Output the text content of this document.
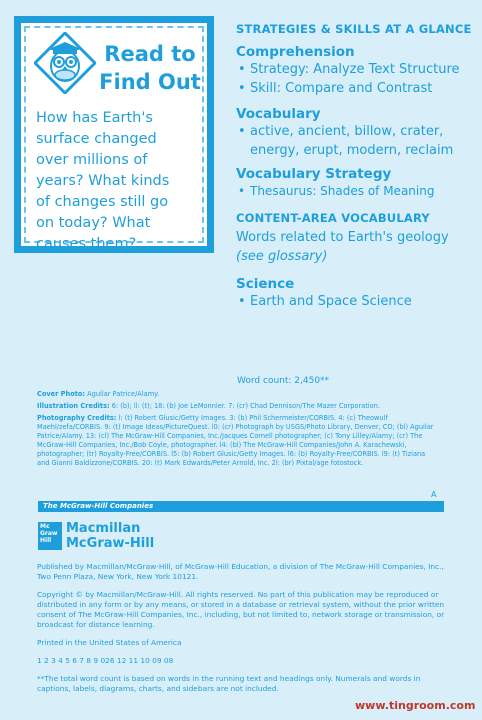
Read to
Find Out
How has Earth's
surface changed
over millions of
years? What kinds
of changes still go
on today? What
causes them?
STRATEGIES & SKILLS AT A GLANCE
Comprehension
• Strategy: Analyze Text Structure
• Skill: Compare and Contrast
Vocabulary
• active, ancient, billow, crater,
energy, erupt, modern, reclaim
Vocabulary Strategy
• Thesaurus: Shades of Meaning
CONTENT-AREA VOCABULARY
Words related to Earth's geology
(see glossary)
Science
• Earth and Space Science
Word count: 2,450**

Cover Photo: Aguilar Patrice/Alamy.

Illustration Credits: 6: (b); ll: (t); 18: (b) Joe LeMonnier. 7: (cr) Chad Dennison/The Mazer Corporation.

Photography Credits: l: (t) Robert Glusic/Getty Images. 3: (b) Phil Schermeister/CORBIS. 4: (c) Theowulf Maehl/zefa/CORBIS. 9: (t) Image Ideas/PictureQuest. l0: (cr) Photograph by USGS/Photo Library, Denver, CO; (bl) Aguilar Patrice/Alamy. 13: (cl) The McGraw-Hill Companies, Inc./Jacques Cornell photographer; (c) Tony Lilley/Alamy; (cr) The McGraw-Hill Companies, Inc./Bob Coyle, photographer. l4: (bl) The McGraw-Hill Companies/John A. Karachewski, photographer; (tr) Royalty-Free/CORBIS. l5: (b) Robert Glusic/Getty Images. l6: (b) Royalty-Free/CORBIS. l9: (t) Tiziana and Gianni Baldizzone/CORBIS. 20: (t) Mark Edwards/Peter Arnold, Inc. 2l: (br) Pixtal/age fotostock.

A
The McGraw-Hill Companies
Mc
Graw
Hill
Macmillan
McGraw-Hill

Published by Macmillan/McGraw-Hill, of McGraw-Hill Education, a division of The McGraw-Hill Companies, Inc., Two Penn Plaza, New York, New York 10121.

Copyright © by Macmillan/McGraw-Hill. All rights reserved. No part of this publication may be reproduced or distributed in any form or by any means, or stored in a database or retrieval system, without the prior written consent of The McGraw-Hill Companies, Inc., including, but not limited to, network storage or transmission, or broadcast for distance learning.

Printed in the United States of America

1 2 3 4 5 6 7 8 9 026 12 11 10 09 08

**The total word count is based on words in the running text and headings only. Numerals and words in captions, labels, diagrams, charts, and sidebars are not included.

www.tingroom.com
